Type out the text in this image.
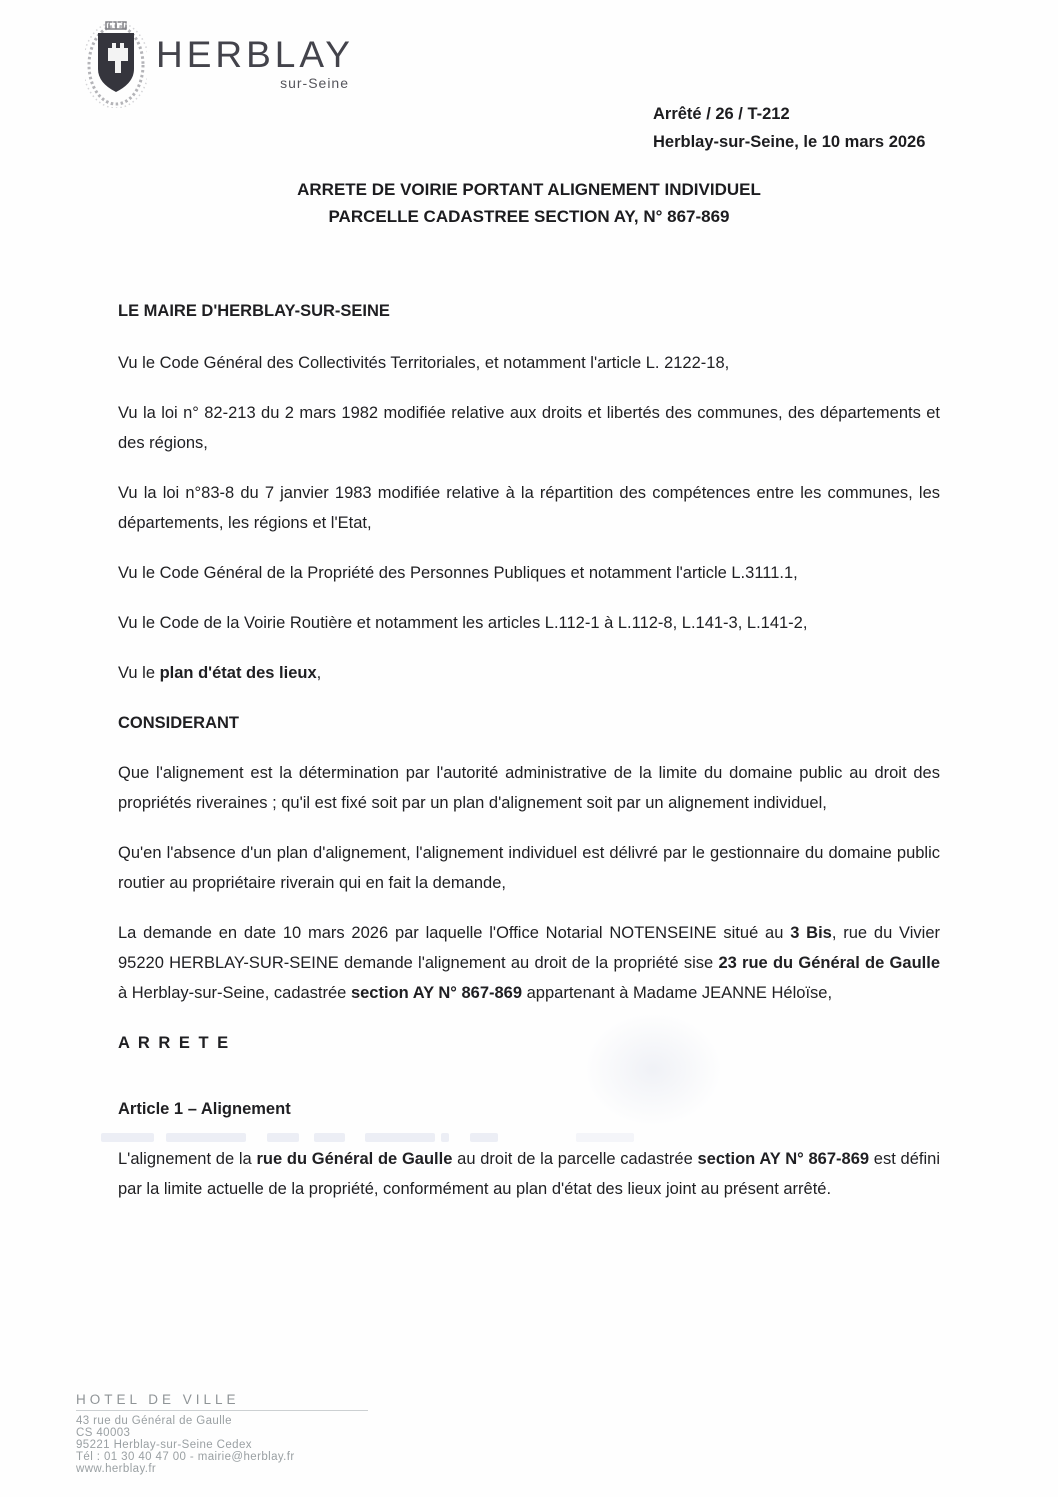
HERBLAY
sur-Seine
Arrêté / 26 / T-212
Herblay-sur-Seine, le 10 mars 2026
ARRETE DE VOIRIE PORTANT ALIGNEMENT INDIVIDUEL
PARCELLE CADASTREE SECTION AY, N° 867-869
LE MAIRE D'HERBLAY-SUR-SEINE

Vu le Code Général des Collectivités Territoriales, et notamment l'article L. 2122-18,

Vu la loi n° 82-213 du 2 mars 1982 modifiée relative aux droits et libertés des communes, des départements et des régions,

Vu la loi n°83-8 du 7 janvier 1983 modifiée relative à la répartition des compétences entre les communes, les départements, les régions et l'Etat,

Vu le Code Général de la Propriété des Personnes Publiques et notamment l'article L.3111.1,

Vu le Code de la Voirie Routière et notamment les articles L.112-1 à L.112-8, L.141-3, L.141-2,

Vu le plan d'état des lieux,

CONSIDERANT

Que l'alignement est la détermination par l'autorité administrative de la limite du domaine public au droit des propriétés riveraines ; qu'il est fixé soit par un plan d'alignement soit par un alignement individuel,

Qu'en l'absence d'un plan d'alignement, l'alignement individuel est délivré par le gestionnaire du domaine public routier au propriétaire riverain qui en fait la demande,

La demande en date 10 mars 2026 par laquelle l'Office Notarial NOTENSEINE situé au 3 Bis, rue du Vivier 95220 HERBLAY-SUR-SEINE demande l'alignement au droit de la propriété sise 23 rue du Général de Gaulle à Herblay-sur-Seine, cadastrée section AY N° 867-869 appartenant à Madame JEANNE Héloïse,

A R R E T E
Article 1 – Alignement

L'alignement de la rue du Général de Gaulle au droit de la parcelle cadastrée section AY N° 867-869 est défini par la limite actuelle de la propriété, conformément au plan d'état des lieux joint au présent arrêté.

HOTEL DE VILLE
43 rue du Général de Gaulle
CS 40003
95221 Herblay-sur-Seine Cedex
Tél : 01 30 40 47 00 - mairie@herblay.fr
www.herblay.fr
